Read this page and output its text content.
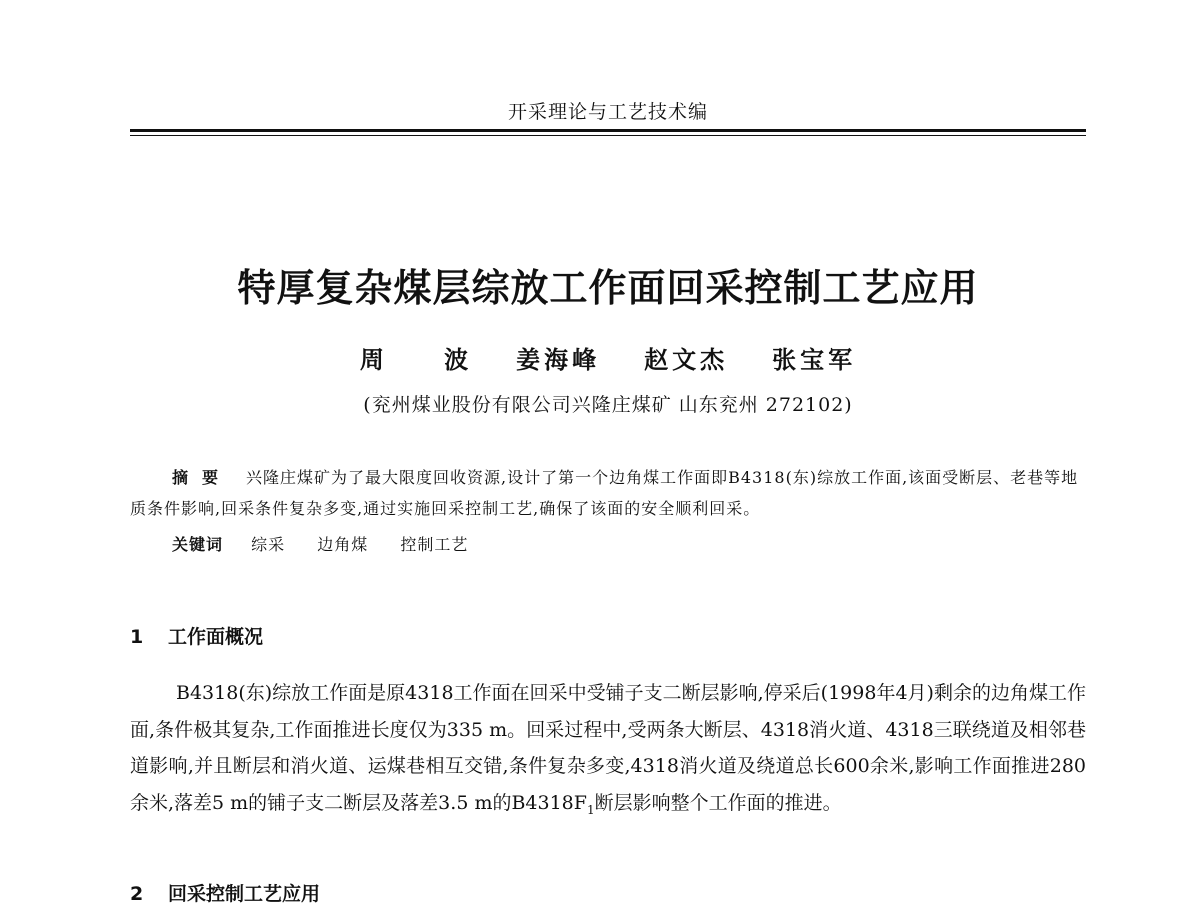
开采理论与工艺技术编
特厚复杂煤层综放工作面回采控制工艺应用
周 波 姜海峰 赵文杰 张宝军
(兖州煤业股份有限公司兴隆庄煤矿 山东兖州 272102)
摘要 兴隆庄煤矿为了最大限度回收资源,设计了第一个边角煤工作面即B4318(东)综放工作面,该面受断层、老巷等地质条件影响,回采条件复杂多变,通过实施回采控制工艺,确保了该面的安全顺利回采。
关键词 综采 边角煤 控制工艺
1 工作面概况
B4318(东)综放工作面是原4318工作面在回采中受铺子支二断层影响,停采后(1998年4月)剩余的边角煤工作面,条件极其复杂,工作面推进长度仅为335 m。回采过程中,受两条大断层、4318消火道、4318三联绕道及相邻巷道影响,并且断层和消火道、运煤巷相互交错,条件复杂多变,4318消火道及绕道总长600余米,影响工作面推进280余米,落差5 m的铺子支二断层及落差3.5 m的$B4318F_1$断层影响整个工作面的推进。
2 回采控制工艺应用
